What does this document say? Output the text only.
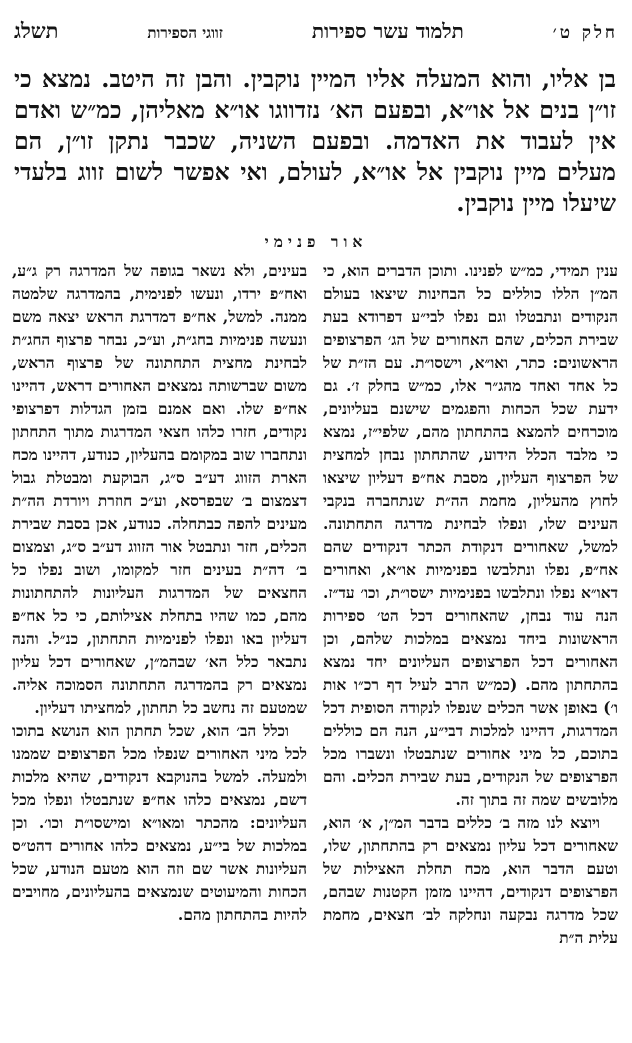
חלק ט׳
תלמוד עשר ספירות
זווגי הספירות
תשלג
בן אליו, והוא המעלה אליו המיין נוקבין. והבן זה היטב. נמצא כי זו״ן בנים אל או״א, ובפעם הא׳ נזדווגו או״א מאליהן, כמ״ש ואדם אין לעבוד את האדמה. ובפעם השניה, שכבר נתקן זו״ן, הם מעלים מיין נוקבין אל או״א, לעולם, ואי אפשר לשום זווג בלעדי שיעלו מיין נוקבין.
אור פנימי

ענין תמידי, כמ״ש לפנינו. ותוכן הדברים הוא, כי המ״ן הללו כוללים כל הבחינות שיצאו בעולם הנקודים ונתבטלו וגם נפלו לבי״ע דפרודא בעת שבירת הכלים, שהם האחורים של הג׳ הפרצופים הראשונים: כתר, ואו״א, וישסו״ת. עם הז״ת של כל אחד ואחד מהג״ר אלו, כמ״ש בחלק ז׳. גם ידעת שכל הכחות והפגמים שישנם בעליונים, מוכרחים להמצא בהתחתון מהם, שלפי״ז, נמצא כי מלבד הכלל הידוע, שהתחתון נבחן למחצית של הפרצוף העליון, מסבת אח״פ דעליון שיצאו לחוץ מהעליון, מחמת הה״ת שנתחברה בנקבי העינים שלו, ונפלו לבחינת מדרגה התחתונה. למשל, שאחורים דנקודת הכתר דנקודים שהם אח״פ, נפלו ונתלבשו בפנימיות או״א, ואחורים דאו״א נפלו ונתלבשו בפנימיות ישסו״ת, וכו׳ עד״ז. הנה עוד נבחן, שהאחורים דכל הט׳ ספירות הראשונות ביחד נמצאים במלכות שלהם, וכן האחורים דכל הפרצופים העליונים יחד נמצא בהתחתון מהם. (כמ״ש הרב לעיל דף רכ״ו אות ו׳) באופן אשר הכלים שנפלו לנקודה הסופית דכל המדרגות, דהיינו למלכות דבי״ע, הנה הם כוללים בתוכם, כל מיני אחורים שנתבטלו ונשברו מכל הפרצופים של הנקודים, בעת שבירת הכלים. והם מלובשים שמה זה בתוך זה.

ויוצא לנו מזה ב׳ כללים בדבר המ״ן, א׳ הוא, שאחורים דכל עליון נמצאים רק בהתחתון, שלו, וטעם הדבר הוא, מכח תחלת האצילות של הפרצופים דנקודים, דהיינו מזמן הקטנות שבהם, שכל מדרגה נבקעה ונחלקה לב׳ חצאים, מחמת עלית ה״ת

בעינים, ולא נשאר בגופה של המדרגה רק ג״ע, ואח״פ ירדו, ונעשו לפנימית, בהמדרגה שלמטה ממנה. למשל, אח״פ דמדרגת הראש יצאה משם ונעשה פנימיות בחג״ת, וע״כ, נבחר פרצוף החג״ת לבחינת מחצית התחתונה של פרצוף הראש, משום שברשותה נמצאים האחורים דראש, דהיינו אח״פ שלו. ואם אמנם בזמן הגדלות דפרצופי נקודים, חזרו כלהו חצאי המדרגות מתוך התחתון ונתחברו שוב במקומם בהעליון, כנודע, דהיינו מכח הארת הזווג דע״ב ס״ג, הבוקעת ומבטלת גבול דצמצום ב׳ שבפרסא, וע״כ חוזרת ויורדת הה״ת מעינים להפה כבתחלה. כנודע, אכן בסבת שבירת הכלים, חזר ונתבטל אור הזווג דע״ב ס״ג, וצמצום ב׳ דה״ת בעינים חזר למקומו, ושוב נפלו כל החצאים של המדרגות העליונות להתחתונות מהם, כמו שהיו בתחלת אצילותם, כי כל אח״פ דעליון באו ונפלו לפנימיות התחתון, כנ״ל. והנה נתבאר כלל הא׳ שבהמ״ן, שאחורים דכל עליון נמצאים רק בהמדרגה התחתונה הסמוכה אליה. שמטעם זה נחשב כל תחתון, למחציתו דעליון.

וכלל הב׳ הוא, שכל תחתון הוא הנושא בתוכו לכל מיני האחורים שנפלו מכל הפרצופים שממנו ולמעלה. למשל בהנוקבא דנקודים, שהיא מלכות דשם, נמצאים כלהו אח״פ שנתבטלו ונפלו מכל העליונים: מהכתר ומאו״א ומישסו״ת וכו׳. וכן במלכות של בי״ע, נמצאים כלהו אחורים דהט״ס העליונות אשר שם וזה הוא מטעם הנודע, שכל הכחות והמיעוטים שנמצאים בהעליונים, מחויבים להיות בהתחתון מהם.
